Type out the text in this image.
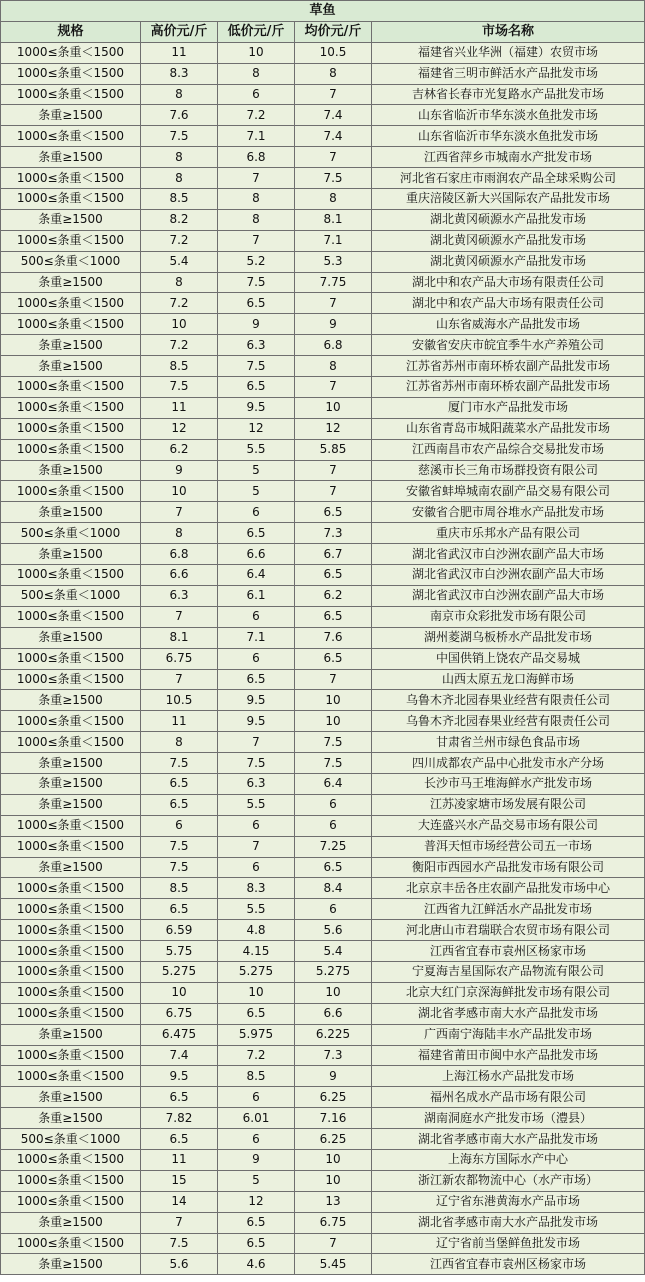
草鱼				
规格	高价元/斤	低价元/斤	均价元/斤	市场名称
1000≤条重＜1500	11	10	10.5	福建省兴业华洲（福建）农贸市场
1000≤条重＜1500	8.3	8	8	福建省三明市鲜活水产品批发市场
1000≤条重＜1500	8	6	7	吉林省长春市光复路水产品批发市场
条重≥1500	7.6	7.2	7.4	山东省临沂市华东淡水鱼批发市场
1000≤条重＜1500	7.5	7.1	7.4	山东省临沂市华东淡水鱼批发市场
条重≥1500	8	6.8	7	江西省萍乡市城南水产批发市场
1000≤条重＜1500	8	7	7.5	河北省石家庄市雨润农产品全球采购公司
1000≤条重＜1500	8.5	8	8	重庆涪陵区新大兴国际农产品批发市场
条重≥1500	8.2	8	8.1	湖北黄冈硕源水产品批发市场
1000≤条重＜1500	7.2	7	7.1	湖北黄冈硕源水产品批发市场
500≤条重＜1000	5.4	5.2	5.3	湖北黄冈硕源水产品批发市场
条重≥1500	8	7.5	7.75	湖北中和农产品大市场有限责任公司
1000≤条重＜1500	7.2	6.5	7	湖北中和农产品大市场有限责任公司
1000≤条重＜1500	10	9	9	山东省威海水产品批发市场
条重≥1500	7.2	6.3	6.8	安徽省安庆市皖宜季牛水产养殖公司
条重≥1500	8.5	7.5	8	江苏省苏州市南环桥农副产品批发市场
1000≤条重＜1500	7.5	6.5	7	江苏省苏州市南环桥农副产品批发市场
1000≤条重＜1500	11	9.5	10	厦门市水产品批发市场
1000≤条重＜1500	12	12	12	山东省青岛市城阳蔬菜水产品批发市场
1000≤条重＜1500	6.2	5.5	5.85	江西南昌市农产品综合交易批发市场
条重≥1500	9	5	7	慈溪市长三角市场群投资有限公司
1000≤条重＜1500	10	5	7	安徽省蚌埠城南农副产品交易有限公司
条重≥1500	7	6	6.5	安徽省合肥市周谷堆水产品批发市场
500≤条重＜1000	8	6.5	7.3	重庆市乐邦水产品有限公司
条重≥1500	6.8	6.6	6.7	湖北省武汉市白沙洲农副产品大市场
1000≤条重＜1500	6.6	6.4	6.5	湖北省武汉市白沙洲农副产品大市场
500≤条重＜1000	6.3	6.1	6.2	湖北省武汉市白沙洲农副产品大市场
1000≤条重＜1500	7	6	6.5	南京市众彩批发市场有限公司
条重≥1500	8.1	7.1	7.6	湖州菱湖乌板桥水产品批发市场
1000≤条重＜1500	6.75	6	6.5	中国供销上饶农产品交易城
1000≤条重＜1500	7	6.5	7	山西太原五龙口海鲜市场
条重≥1500	10.5	9.5	10	乌鲁木齐北园春果业经营有限责任公司
1000≤条重＜1500	11	9.5	10	乌鲁木齐北园春果业经营有限责任公司
1000≤条重＜1500	8	7	7.5	甘肃省兰州市绿色食品市场
条重≥1500	7.5	7.5	7.5	四川成都农产品中心批发市水产分场
条重≥1500	6.5	6.3	6.4	长沙市马王堆海鲜水产批发市场
条重≥1500	6.5	5.5	6	江苏凌家塘市场发展有限公司
1000≤条重＜1500	6	6	6	大连盛兴水产品交易市场有限公司
1000≤条重＜1500	7.5	7	7.25	普洱天恒市场经营公司五一市场
条重≥1500	7.5	6	6.5	衡阳市西园水产品批发市场有限公司
1000≤条重＜1500	8.5	8.3	8.4	北京京丰岳各庄农副产品批发市场中心
1000≤条重＜1500	6.5	5.5	6	江西省九江鲜活水产品批发市场
1000≤条重＜1500	6.59	4.8	5.6	河北唐山市君瑞联合农贸市场有限公司
1000≤条重＜1500	5.75	4.15	5.4	江西省宜春市袁州区杨家市场
1000≤条重＜1500	5.275	5.275	5.275	宁夏海吉星国际农产品物流有限公司
1000≤条重＜1500	10	10	10	北京大红门京深海鲜批发市场有限公司
1000≤条重＜1500	6.75	6.5	6.6	湖北省孝感市南大水产品批发市场
条重≥1500	6.475	5.975	6.225	广西南宁海陆丰水产品批发市场
1000≤条重＜1500	7.4	7.2	7.3	福建省莆田市闽中水产品批发市场
1000≤条重＜1500	9.5	8.5	9	上海江杨水产品批发市场
条重≥1500	6.5	6	6.25	福州名成水产品市场有限公司
条重≥1500	7.82	6.01	7.16	湖南洞庭水产批发市场（澧县）
500≤条重＜1000	6.5	6	6.25	湖北省孝感市南大水产品批发市场
1000≤条重＜1500	11	9	10	上海东方国际水产中心
1000≤条重＜1500	15	5	10	浙江新农都物流中心（水产市场）
1000≤条重＜1500	14	12	13	辽宁省东港黄海水产品市场
条重≥1500	7	6.5	6.75	湖北省孝感市南大水产品批发市场
1000≤条重＜1500	7.5	6.5	7	辽宁省前当堡鲜鱼批发市场
条重≥1500	5.6	4.6	5.45	江西省宜春市袁州区杨家市场
